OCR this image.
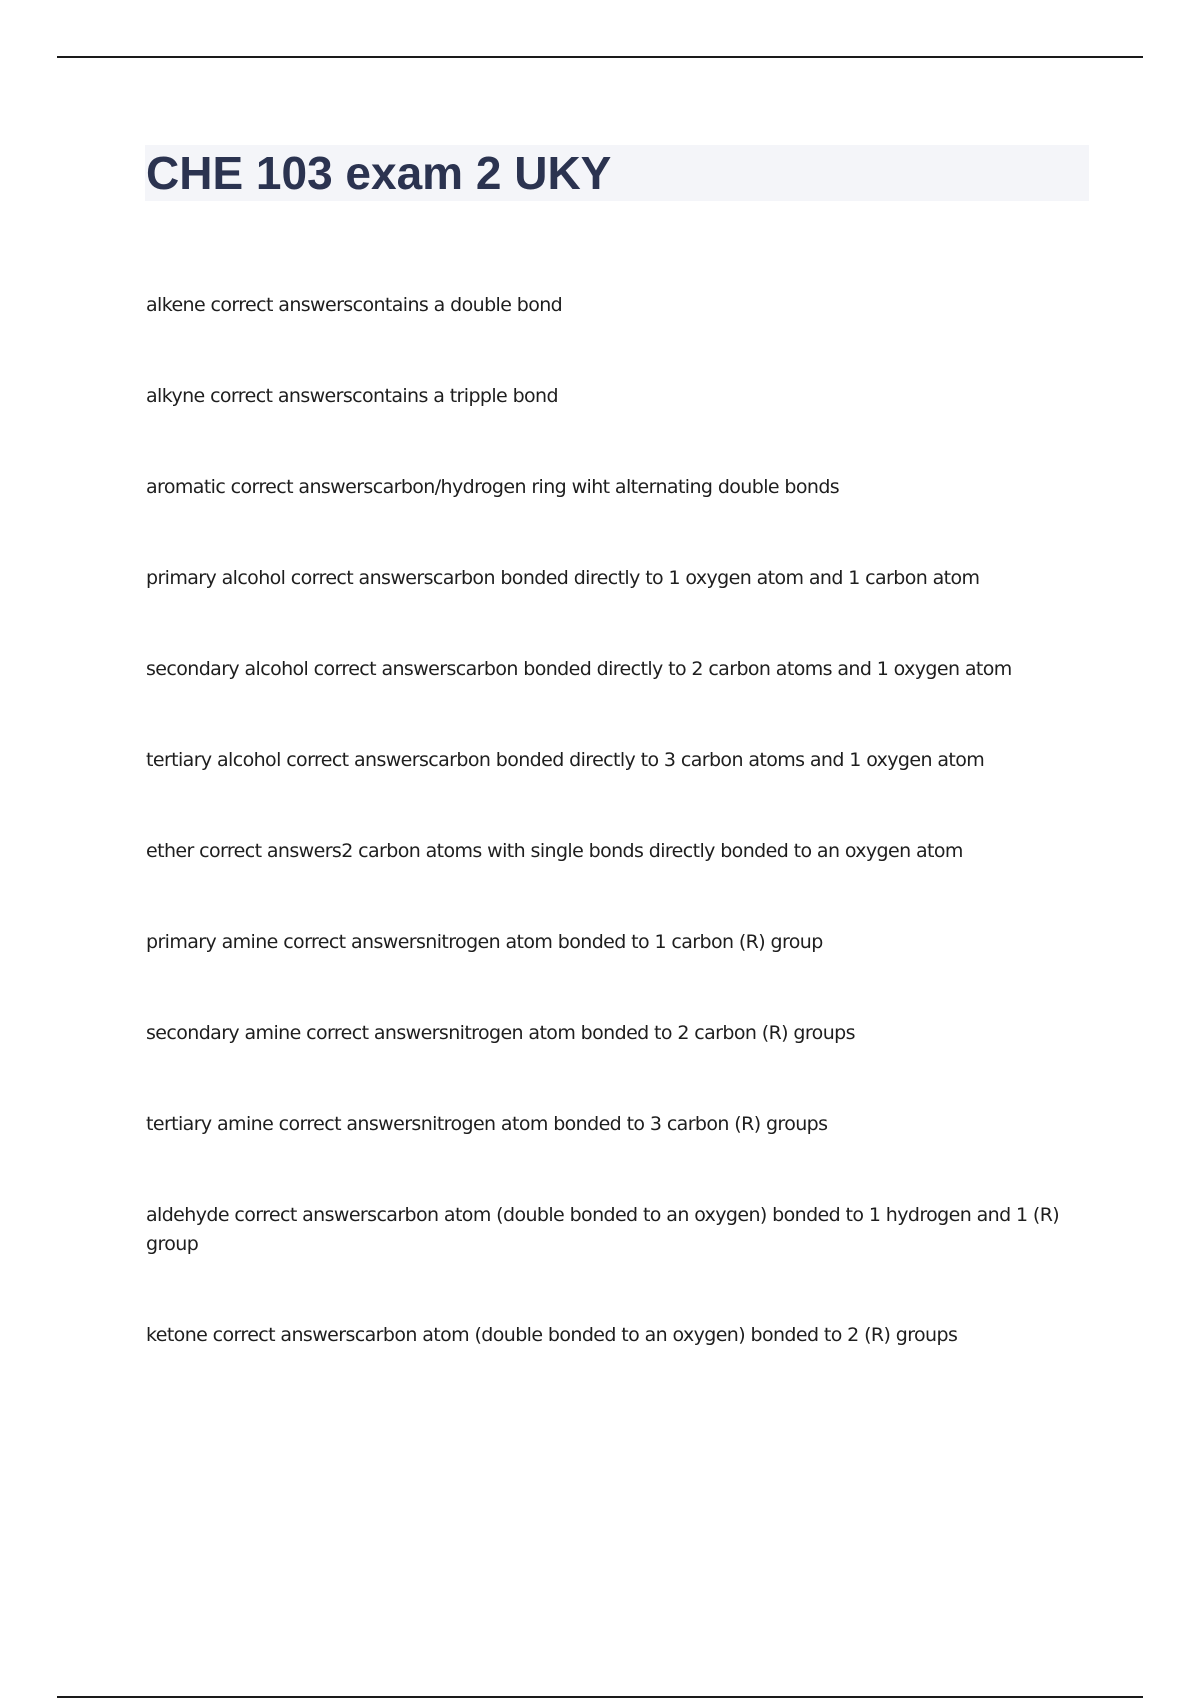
CHE 103 exam 2 UKY
alkene correct answerscontains a double bond
alkyne correct answerscontains a tripple bond
aromatic correct answerscarbon/hydrogen ring wiht alternating double bonds
primary alcohol correct answerscarbon bonded directly to 1 oxygen atom and 1 carbon atom
secondary alcohol correct answerscarbon bonded directly to 2 carbon atoms and 1 oxygen atom
tertiary alcohol correct answerscarbon bonded directly to 3 carbon atoms and 1 oxygen atom
ether correct answers2 carbon atoms with single bonds directly bonded to an oxygen atom
primary amine correct answersnitrogen atom bonded to 1 carbon (R) group
secondary amine correct answersnitrogen atom bonded to 2 carbon (R) groups
tertiary amine correct answersnitrogen atom bonded to 3 carbon (R) groups
aldehyde correct answerscarbon atom (double bonded to an oxygen) bonded to 1 hydrogen and 1 (R) group
ketone correct answerscarbon atom (double bonded to an oxygen) bonded to 2 (R) groups
